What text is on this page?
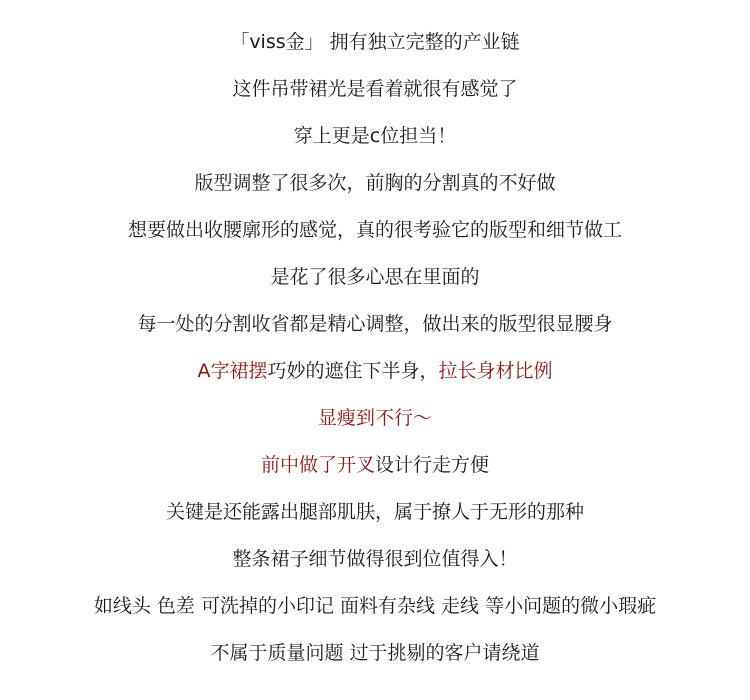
「viss金」 拥有独立完整的产业链
这件吊带裙光是看着就很有感觉了
穿上更是c位担当！
版型调整了很多次，前胸的分割真的不好做
想要做出收腰廓形的感觉，真的很考验它的版型和细节做工
是花了很多心思在里面的
每一处的分割收省都是精心调整，做出来的版型很显腰身
A字裙摆巧妙的遮住下半身，拉长身材比例
显瘦到不行～
前中做了开叉设计行走方便
关键是还能露出腿部肌肤，属于撩人于无形的那种
整条裙子细节做得很到位值得入！
如线头 色差 可洗掉的小印记 面料有杂线 走线 等小问题的微小瑕疵
不属于质量问题 过于挑剔的客户请绕道
